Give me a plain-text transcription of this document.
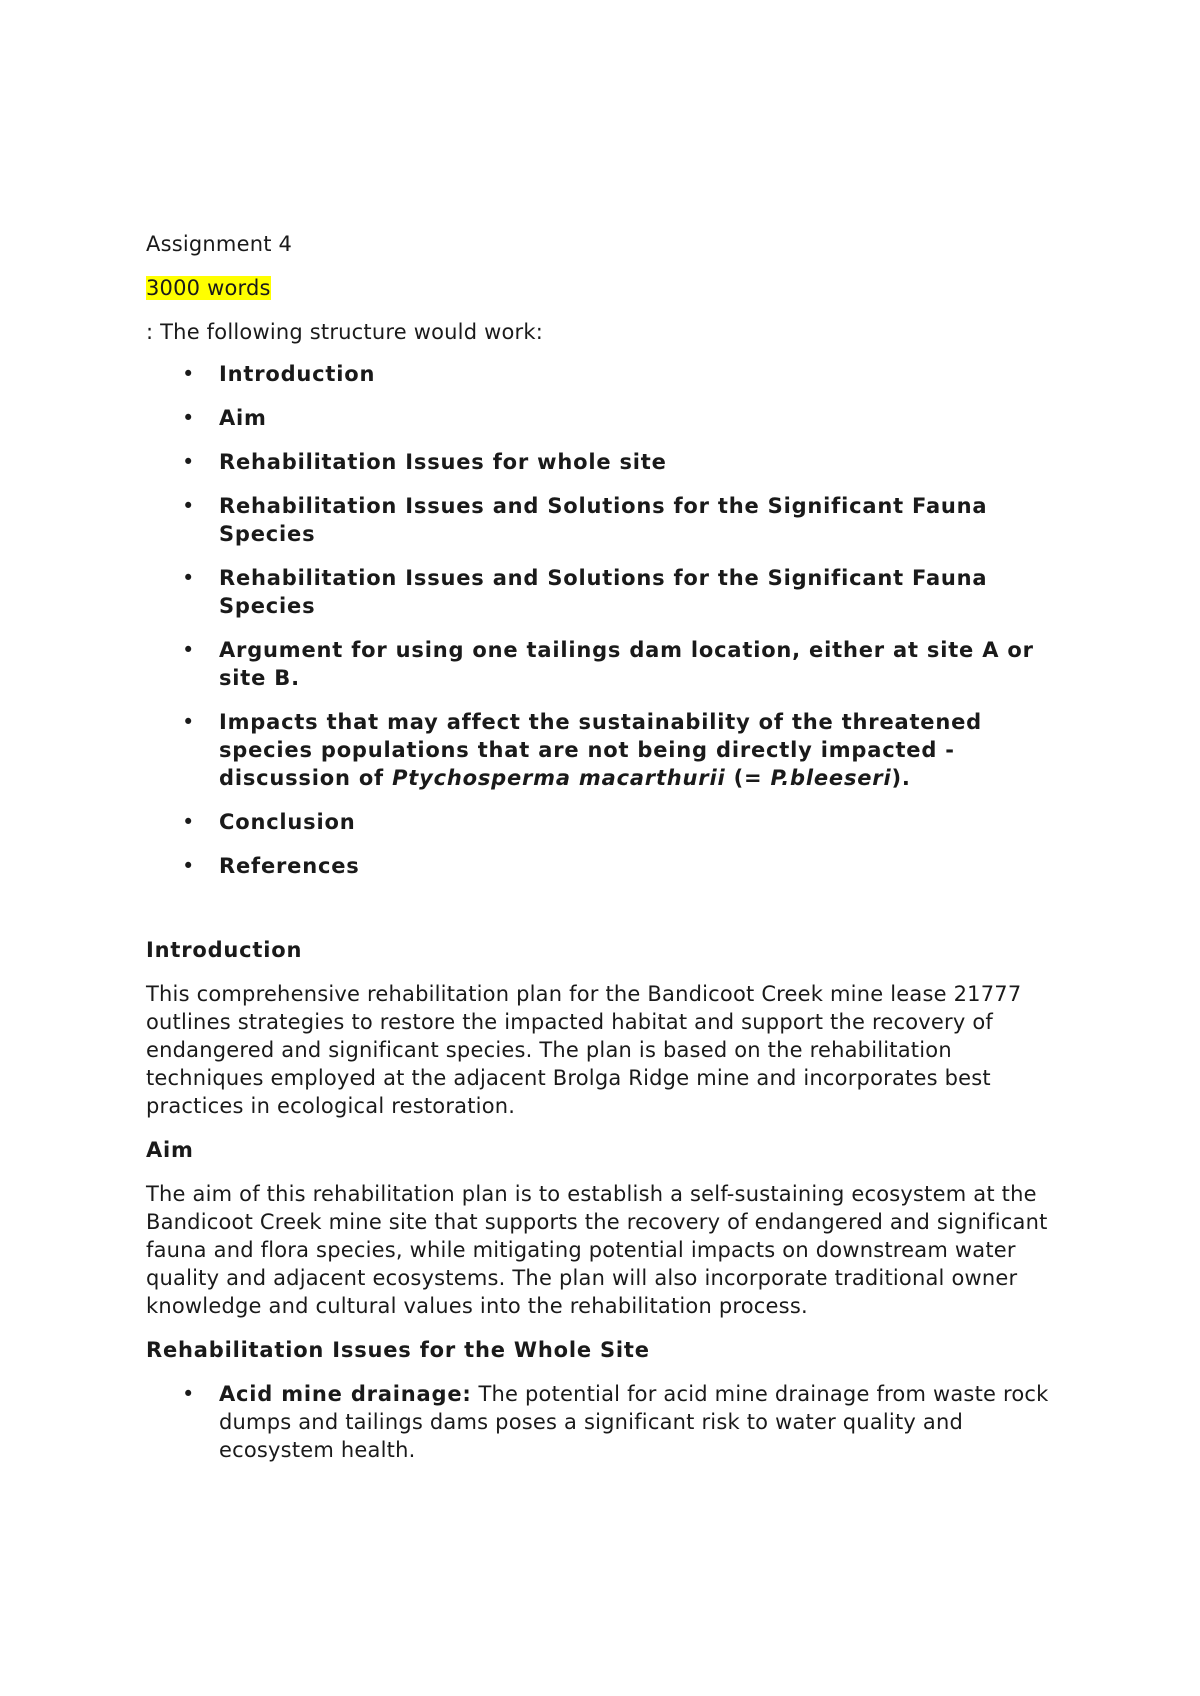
Assignment 4

3000 words

: The following structure would work:

• Introduction
• Aim
• Rehabilitation Issues for whole site
• Rehabilitation Issues and Solutions for the Significant Fauna Species
• Rehabilitation Issues and Solutions for the Significant Fauna Species
• Argument for using one tailings dam location, either at site A or site B.
• Impacts that may affect the sustainability of the threatened species populations that are not being directly impacted - discussion of Ptychosperma macarthurii (= P.bleeseri).
• Conclusion
• References
Introduction

This comprehensive rehabilitation plan for the Bandicoot Creek mine lease 21777 outlines strategies to restore the impacted habitat and support the recovery of endangered and significant species. The plan is based on the rehabilitation techniques employed at the adjacent Brolga Ridge mine and incorporates best practices in ecological restoration.

Aim

The aim of this rehabilitation plan is to establish a self-sustaining ecosystem at the Bandicoot Creek mine site that supports the recovery of endangered and significant fauna and flora species, while mitigating potential impacts on downstream water quality and adjacent ecosystems. The plan will also incorporate traditional owner knowledge and cultural values into the rehabilitation process.

Rehabilitation Issues for the Whole Site
• Acid mine drainage: The potential for acid mine drainage from waste rock dumps and tailings dams poses a significant risk to water quality and ecosystem health.
